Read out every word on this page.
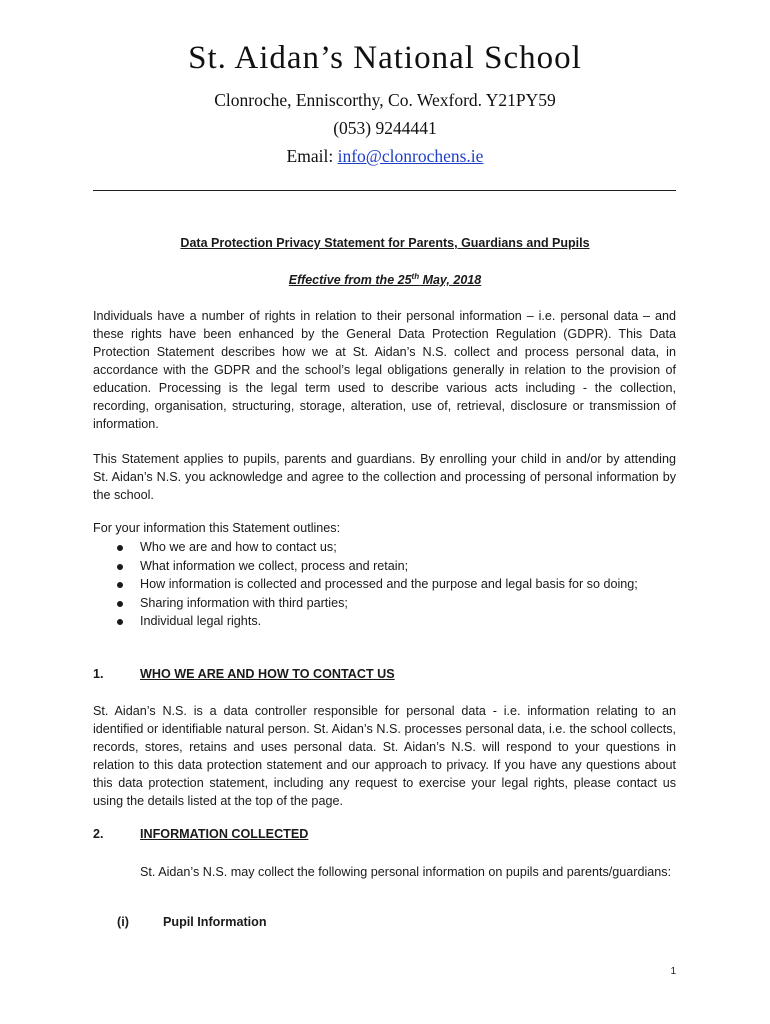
St. Aidan’s National School
Clonroche, Enniscorthy, Co. Wexford. Y21PY59
(053) 9244441
Email: info@clonrochens.ie
Data Protection Privacy Statement for Parents, Guardians and Pupils
Effective from the 25th May, 2018

Individuals have a number of rights in relation to their personal information – i.e. personal data – and these rights have been enhanced by the General Data Protection Regulation (GDPR). This Data Protection Statement describes how we at St. Aidan’s N.S. collect and process personal data, in accordance with the GDPR and the school’s legal obligations generally in relation to the provision of education. Processing is the legal term used to describe various acts including - the collection, recording, organisation, structuring, storage, alteration, use of, retrieval, disclosure or transmission of information.

This Statement applies to pupils, parents and guardians. By enrolling your child in and/or by attending St. Aidan’s N.S. you acknowledge and agree to the collection and processing of personal information by the school.

For your information this Statement outlines:

Who we are and how to contact us;
What information we collect, process and retain;
How information is collected and processed and the purpose and legal basis for so doing;
Sharing information with third parties;
Individual legal rights.
1.	WHO WE ARE AND HOW TO CONTACT US

St. Aidan’s N.S. is a data controller responsible for personal data - i.e. information relating to an identified or identifiable natural person. St. Aidan’s N.S. processes personal data, i.e. the school collects, records, stores, retains and uses personal data. St. Aidan’s N.S. will respond to your questions in relation to this data protection statement and our approach to privacy. If you have any questions about this data protection statement, including any request to exercise your legal rights, please contact us using the details listed at the top of the page.

2.	INFORMATION COLLECTED

St. Aidan’s N.S. may collect the following personal information on pupils and parents/guardians:

(i)	Pupil Information
1
